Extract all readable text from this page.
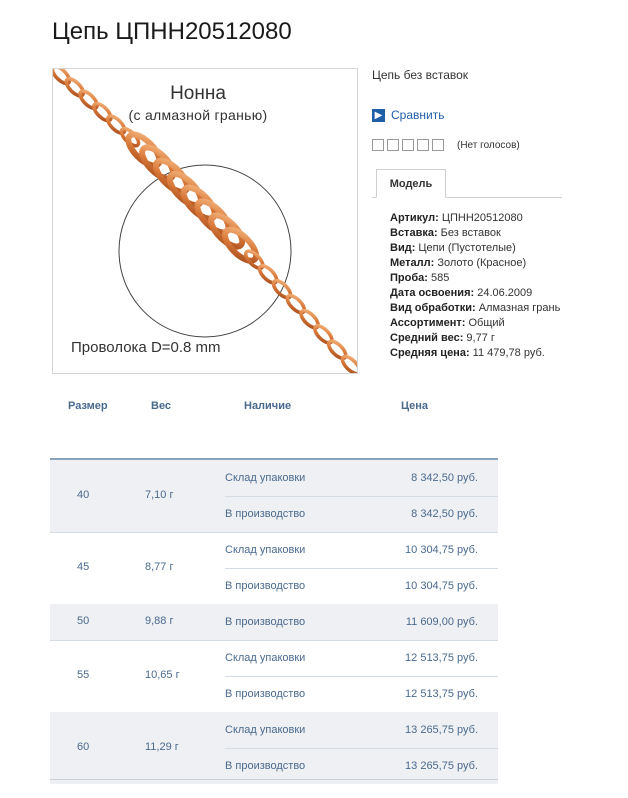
Цепь ЦПНН20512080
Нонна
(с алмазной гранью)
Проволока D=0.8 mm
Цепь без вставок
▶ Сравнить
(Нет голосов)
Модель
Артикул: ЦПНН20512080
Вставка: Без вставок
Вид: Цепи (Пустотелые)
Металл: Золото (Красное)
Проба: 585
Дата освоения: 24.06.2009
Вид обработки: Алмазная грань
Ассортимент: Общий
Средний вес: 9,77 г
Средняя цена: 11 479,78 руб.
Размер	Вес	Наличие	Цена
40	7,10 г
Склад упаковки	8 342,50 руб.
В производство	8 342,50 руб.
45	8,77 г
Склад упаковки	10 304,75 руб.
В производство	10 304,75 руб.
50	9,88 г	В производство	11 609,00 руб.
55	10,65 г
Склад упаковки	12 513,75 руб.
В производство	12 513,75 руб.
60	11,29 г
Склад упаковки	13 265,75 руб.
В производство	13 265,75 руб.
